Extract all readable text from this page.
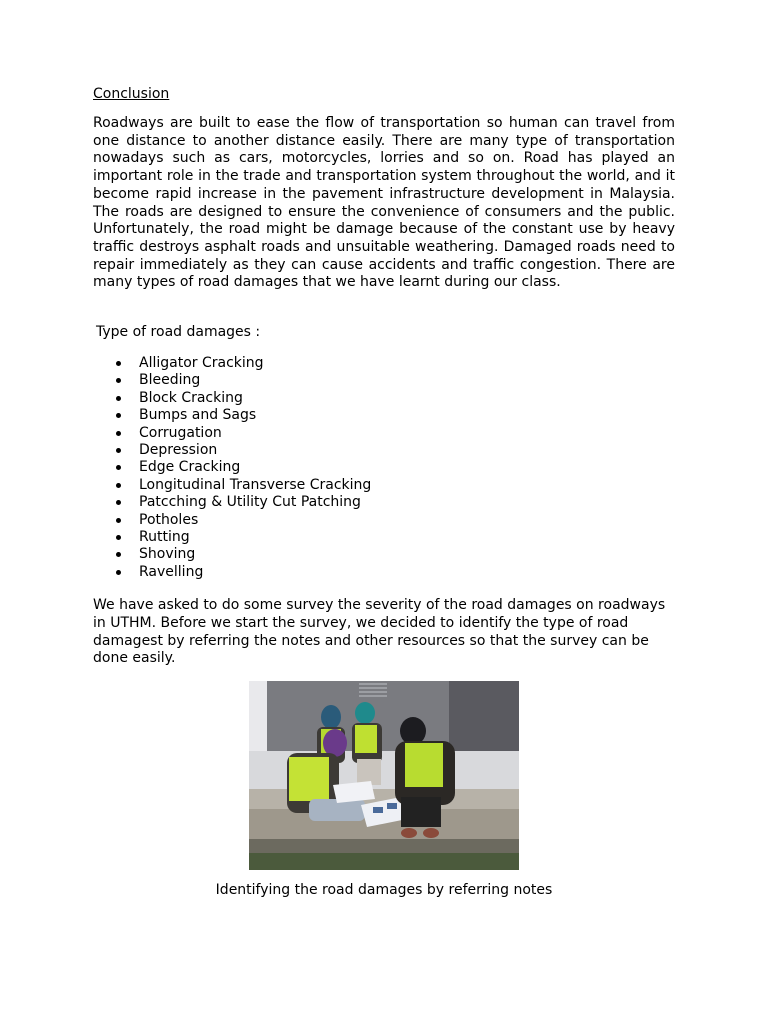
Conclusion

Roadways are built to ease the flow of transportation so human can travel from one distance to another distance easily. There are many type of transportation nowadays such as cars, motorcycles, lorries and so on. Road has played an important role in the trade and transportation system throughout the world, and it become rapid increase in the pavement infrastructure development in Malaysia. The roads are designed to ensure the convenience of consumers and the public. Unfortunately, the road might be damage because of the constant use by heavy traffic destroys asphalt roads and unsuitable weathering. Damaged roads need to repair immediately as they can cause accidents and traffic congestion. There are many types of road damages that we have learnt during our class.

Type of road damages :

Alligator Cracking
Bleeding
Block Cracking
Bumps and Sags
Corrugation
Depression
Edge Cracking
Longitudinal Transverse Cracking
Patcching & Utility Cut Patching
Potholes
Rutting
Shoving
Ravelling

We have asked to do some survey the severity of the road damages on roadways in UTHM. Before we start the survey, we decided to identify the type of road damagest by referring the notes and other resources so that the survey can be done easily.

Identifying the road damages by referring notes
